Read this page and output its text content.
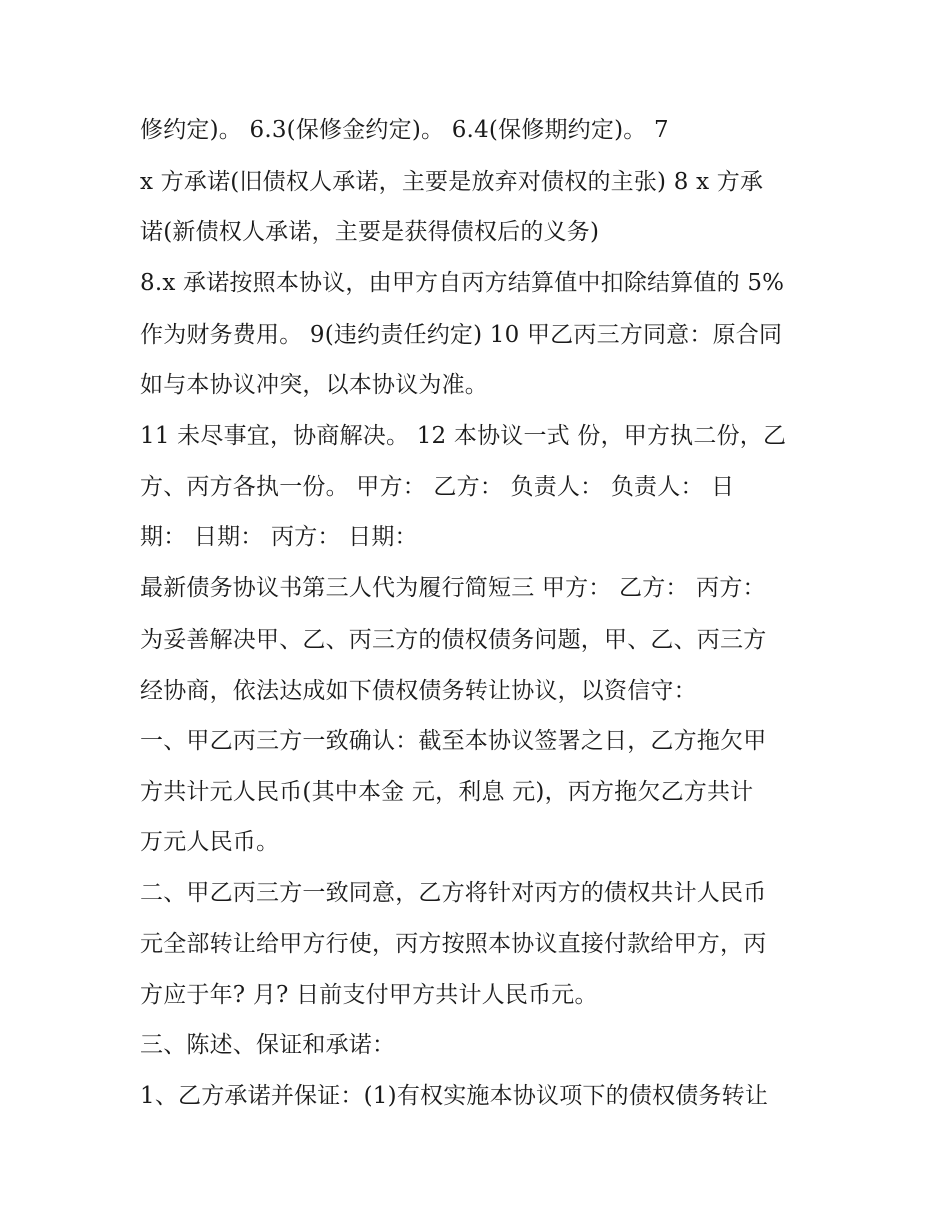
修约定)。 6.3(保修金约定)。 6.4(保修期约定)。 7
x 方承诺(旧债权人承诺，主要是放弃对债权的主张) 8 x 方承
诺(新债权人承诺，主要是获得债权后的义务)
8.x 承诺按照本协议，由甲方自丙方结算值中扣除结算值的 5%
作为财务费用。 9(违约责任约定) 10 甲乙丙三方同意：原合同
如与本协议冲突，以本协议为准。
11 未尽事宜，协商解决。 12 本协议一式 份，甲方执二份，乙
方、丙方各执一份。 甲方： 乙方： 负责人： 负责人： 日
期： 日期： 丙方： 日期：
最新债务协议书第三人代为履行简短三 甲方： 乙方： 丙方：
为妥善解决甲、乙、丙三方的债权债务问题，甲、乙、丙三方
经协商，依法达成如下债权债务转让协议，以资信守：
一、甲乙丙三方一致确认：截至本协议签署之日，乙方拖欠甲
方共计元人民币(其中本金 元，利息 元)，丙方拖欠乙方共计
万元人民币。
二、甲乙丙三方一致同意，乙方将针对丙方的债权共计人民币
元全部转让给甲方行使，丙方按照本协议直接付款给甲方，丙
方应于年? 月? 日前支付甲方共计人民币元。
三、陈述、保证和承诺：
1、乙方承诺并保证：(1)有权实施本协议项下的债权债务转让
